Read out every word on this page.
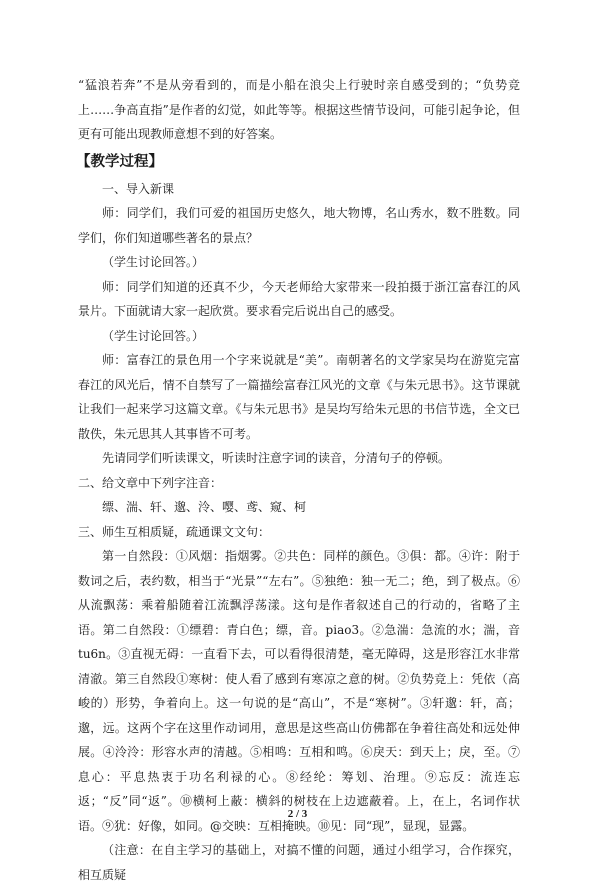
“猛浪若奔”不是从旁看到的，而是小船在浪尖上行驶时亲自感受到的；“负势竞上……争高直指”是作者的幻觉，如此等等。根据这些情节设问，可能引起争论，但更有可能出现教师意想不到的好答案。

【教学过程】

一、导入新课

师：同学们，我们可爱的祖国历史悠久，地大物博，名山秀水，数不胜数。同学们，你们知道哪些著名的景点？

（学生讨论回答。）

师：同学们知道的还真不少，今天老师给大家带来一段拍摄于浙江富春江的风景片。下面就请大家一起欣赏。要求看完后说出自己的感受。

（学生讨论回答。）

师：富春江的景色用一个字来说就是“美”。南朝著名的文学家吴均在游览完富春江的风光后，情不自禁写了一篇描绘富春江风光的文章《与朱元思书》。这节课就让我们一起来学习这篇文章。《与朱元思书》是吴均写给朱元思的书信节选，全文已散佚，朱元思其人其事皆不可考。

先请同学们听读课文，听读时注意字词的读音，分清句子的停顿。

二、给文章中下列字注音：

缥、湍、轩、邈、泠、嘤、鸢、窥、柯

三、师生互相质疑，疏通课文文句：

第一自然段：①风烟：指烟雾。②共色：同样的颜色。③俱：都。④许：附于数词之后，表约数，相当于“光景”“左右”。⑤独绝：独一无二；绝，到了极点。⑥从流飘荡：乘着船随着江流飘浮荡漾。这句是作者叙述自己的行动的，省略了主语。第二自然段：①缥碧：青白色；缥，音。piao3。②急湍：急流的水；湍，音 tu6n。③直视无碍：一直看下去，可以看得很清楚，毫无障碍，这是形容江水非常清澈。第三自然段①寒树：使人看了感到有寒凉之意的树。②负势竞上：凭依（高峻的）形势，争着向上。这一句说的是“高山”，不是“寒树”。③轩邈：轩，高；邈，远。这两个字在这里作动词用，意思是这些高山仿佛都在争着往高处和远处伸展。④泠泠：形容水声的清越。⑤相鸣：互相和鸣。⑥戾天：到天上；戾，至。⑦息心：平息热衷于功名利禄的心。⑧经纶：筹划、治理。⑨忘反：流连忘返；“反”同“返”。⑩横柯上蔽：横斜的树枝在上边遮蔽着。上，在上，名词作状语。⑨犹：好像，如同。@交映：互相掩映。⑩见：同“现”，显现，显露。

（注意：在自主学习的基础上，对搞不懂的问题，通过小组学习，合作探究，相互质疑

2 / 3
